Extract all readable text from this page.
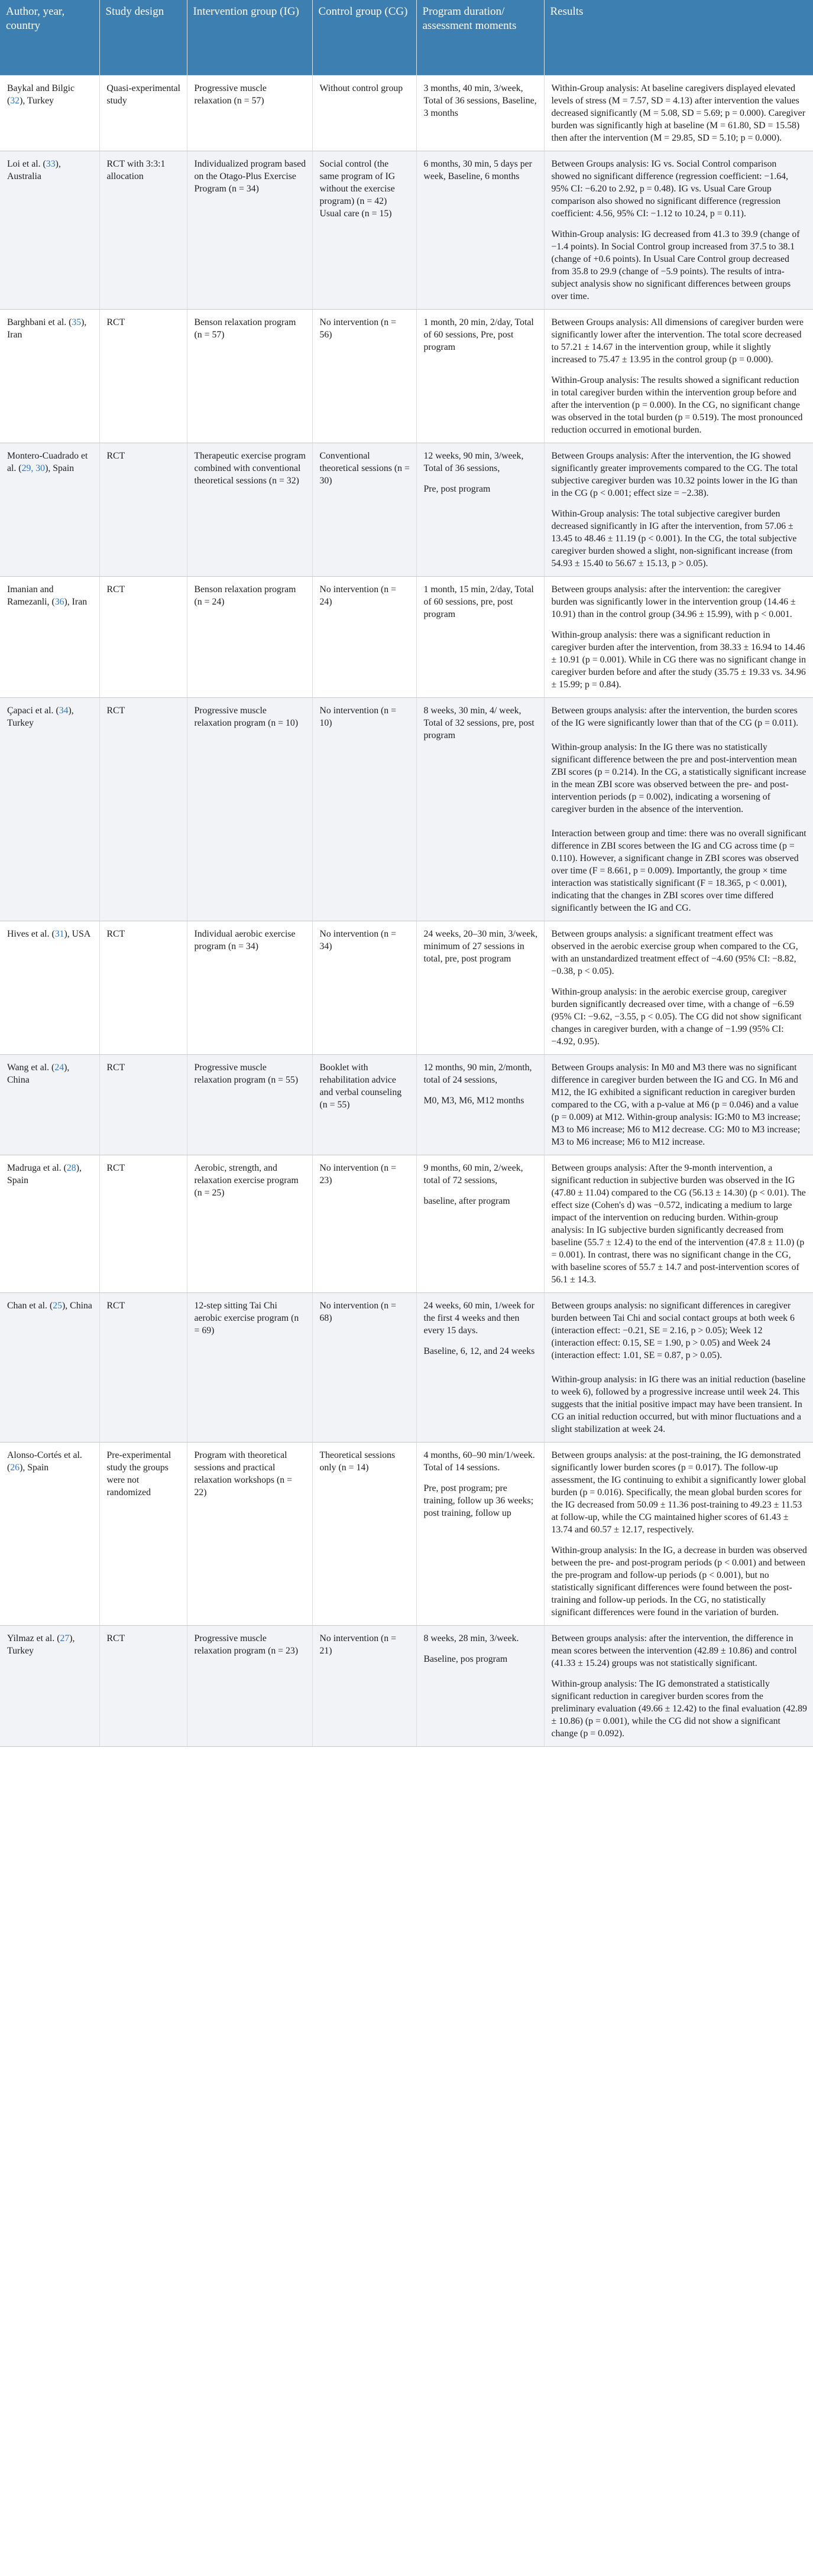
Author, year, country	Study design	Intervention group (IG)	Control group (CG)	Program duration/ assessment moments	Results
Baykal and Bilgic (32), Turkey	Quasi-experimental study	Progressive muscle relaxation (n = 57)	Without control group	3 months, 40 min, 3/week, Total of 36 sessions, Baseline, 3 months	Within-Group analysis: At baseline caregivers displayed elevated levels of stress (M = 7.57, SD = 4.13) after intervention the values decreased significantly (M = 5.08, SD = 5.69; p = 0.000). Caregiver burden was significantly high at baseline (M = 61.80, SD = 15.58) then after the intervention (M = 29.85, SD = 5.10; p = 0.000).

Loi et al. (33), Australia	RCT with 3:3:1 allocation	Individualized program based on the Otago-Plus Exercise Program (n = 34)	Social control (the same program of IG without the exercise program) (n = 42) Usual care (n = 15)	6 months, 30 min, 5 days per week, Baseline, 6 months	Between Groups analysis: IG vs. Social Control comparison showed no significant difference (regression coefficient: −1.64, 95% CI: −6.20 to 2.92, p = 0.48). IG vs. Usual Care Group comparison also showed no significant difference (regression coefficient: 4.56, 95% CI: −1.12 to 10.24, p = 0.11).
Within-Group analysis: IG decreased from 41.3 to 39.9 (change of −1.4 points). In Social Control group increased from 37.5 to 38.1 (change of +0.6 points). In Usual Care Control group decreased from 35.8 to 29.9 (change of −5.9 points). The results of intra-subject analysis show no significant differences between groups over time.

Barghbani et al. (35), Iran	RCT	Benson relaxation program (n = 57)	No intervention (n = 56)	1 month, 20 min, 2/day, Total of 60 sessions, Pre, post program	Between Groups analysis: All dimensions of caregiver burden were significantly lower after the intervention. The total score decreased to 57.21 ± 14.67 in the intervention group, while it slightly increased to 75.47 ± 13.95 in the control group (p = 0.000).
Within-Group analysis: The results showed a significant reduction in total caregiver burden within the intervention group before and after the intervention (p = 0.000). In the CG, no significant change was observed in the total burden (p = 0.519). The most pronounced reduction occurred in emotional burden.

Montero-Cuadrado et al. (29, 30), Spain	RCT	Therapeutic exercise program combined with conventional theoretical sessions (n = 32)	Conventional theoretical sessions (n = 30)	12 weeks, 90 min, 3/week, Total of 36 sessions,
Pre, post program	Between Groups analysis: After the intervention, the IG showed significantly greater improvements compared to the CG. The total subjective caregiver burden was 10.32 points lower in the IG than in the CG (p < 0.001; effect size = −2.38).
Within-Group analysis: The total subjective caregiver burden decreased significantly in IG after the intervention, from 57.06 ± 13.45 to 48.46 ± 11.19 (p < 0.001). In the CG, the total subjective caregiver burden showed a slight, non-significant increase (from 54.93 ± 15.40 to 56.67 ± 15.13, p > 0.05).

Imanian and Ramezanli, (36), Iran	RCT	Benson relaxation program (n = 24)	No intervention (n = 24)	1 month, 15 min, 2/day, Total of 60 sessions, pre, post program	Between groups analysis: after the intervention: the caregiver burden was significantly lower in the intervention group (14.46 ± 10.91) than in the control group (34.96 ± 15.99), with p < 0.001.
Within-group analysis: there was a significant reduction in caregiver burden after the intervention, from 38.33 ± 16.94 to 14.46 ± 10.91 (p = 0.001). While in CG there was no significant change in caregiver burden before and after the study (35.75 ± 19.33 vs. 34.96 ± 15.99; p = 0.84).

Çapaci et al. (34), Turkey	RCT	Progressive muscle relaxation program (n = 10)	No intervention (n = 10)	8 weeks, 30 min, 4/ week, Total of 32 sessions, pre, post program	Between groups analysis: after the intervention, the burden scores of the IG were significantly lower than that of the CG (p = 0.011).
Within-group analysis: In the IG there was no statistically significant difference between the pre and post-intervention mean ZBI scores (p = 0.214). In the CG, a statistically significant increase in the mean ZBI score was observed between the pre- and post-intervention periods (p = 0.002), indicating a worsening of caregiver burden in the absence of the intervention.
Interaction between group and time: there was no overall significant difference in ZBI scores between the IG and CG across time (p = 0.110). However, a significant change in ZBI scores was observed over time (F = 8.661, p = 0.009). Importantly, the group × time interaction was statistically significant (F = 18.365, p < 0.001), indicating that the changes in ZBI scores over time differed significantly between the IG and CG.

Hives et al. (31), USA	RCT	Individual aerobic exercise program (n = 34)	No intervention (n = 34)	24 weeks, 20–30 min, 3/week, minimum of 27 sessions in total, pre, post program	Between groups analysis: a significant treatment effect was observed in the aerobic exercise group when compared to the CG, with an unstandardized treatment effect of −4.60 (95% CI: −8.82, −0.38, p < 0.05).
Within-group analysis: in the aerobic exercise group, caregiver burden significantly decreased over time, with a change of −6.59 (95% CI: −9.62, −3.55, p < 0.05). The CG did not show significant changes in caregiver burden, with a change of −1.99 (95% CI: −4.92, 0.95).

Wang et al. (24), China	RCT	Progressive muscle relaxation program (n = 55)	Booklet with rehabilitation advice and verbal counseling (n = 55)	12 months, 90 min, 2/month, total of 24 sessions,
M0, M3, M6, M12 months	Between Groups analysis: In M0 and M3 there was no significant difference in caregiver burden between the IG and CG. In M6 and M12, the IG exhibited a significant reduction in caregiver burden compared to the CG, with a p-value at M6 (p = 0.046) and a value (p = 0.009) at M12. Within-group analysis: IG:M0 to M3 increase; M3 to M6 increase; M6 to M12 decrease. CG: M0 to M3 increase; M3 to M6 increase; M6 to M12 increase.

Madruga et al. (28), Spain	RCT	Aerobic, strength, and relaxation exercise program (n = 25)	No intervention (n = 23)	9 months, 60 min, 2/week, total of 72 sessions,
baseline, after program	Between groups analysis: After the 9-month intervention, a significant reduction in subjective burden was observed in the IG (47.80 ± 11.04) compared to the CG (56.13 ± 14.30) (p < 0.01). The effect size (Cohen's d) was −0.572, indicating a medium to large impact of the intervention on reducing burden. Within-group analysis: In IG subjective burden significantly decreased from baseline (55.7 ± 12.4) to the end of the intervention (47.8 ± 11.0) (p = 0.001). In contrast, there was no significant change in the CG, with baseline scores of 55.7 ± 14.7 and post-intervention scores of 56.1 ± 14.3.

Chan et al. (25), China	RCT	12-step sitting Tai Chi aerobic exercise program (n = 69)	No intervention (n = 68)	24 weeks, 60 min, 1/week for the first 4 weeks and then every 15 days.
Baseline, 6, 12, and 24 weeks	Between groups analysis: no significant differences in caregiver burden between Tai Chi and social contact groups at both week 6 (interaction effect: −0.21, SE = 2.16, p > 0.05); Week 12 (interaction effect: 0.15, SE = 1.90, p > 0.05) and Week 24 (interaction effect: 1.01, SE = 0.87, p > 0.05).
Within-group analysis: in IG there was an initial reduction (baseline to week 6), followed by a progressive increase until week 24. This suggests that the initial positive impact may have been transient. In CG an initial reduction occurred, but with minor fluctuations and a slight stabilization at week 24.

Alonso-Cortés et al. (26), Spain	Pre-experimental study the groups were not randomized	Program with theoretical sessions and practical relaxation workshops (n = 22)	Theoretical sessions only (n = 14)	4 months, 60–90 min/1/week. Total of 14 sessions.
Pre, post program; pre training, follow up 36 weeks; post training, follow up	Between groups analysis: at the post-training, the IG demonstrated significantly lower burden scores (p = 0.017). The follow-up assessment, the IG continuing to exhibit a significantly lower global burden (p = 0.016). Specifically, the mean global burden scores for the IG decreased from 50.09 ± 11.36 post-training to 49.23 ± 11.53 at follow-up, while the CG maintained higher scores of 61.43 ± 13.74 and 60.57 ± 12.17, respectively.
Within-group analysis: In the IG, a decrease in burden was observed between the pre- and post-program periods (p < 0.001) and between the pre-program and follow-up periods (p < 0.001), but no statistically significant differences were found between the post-training and follow-up periods. In the CG, no statistically significant differences were found in the variation of burden.

Yilmaz et al. (27), Turkey	RCT	Progressive muscle relaxation program (n = 23)	No intervention (n = 21)	8 weeks, 28 min, 3/week.
Baseline, pos program	Between groups analysis: after the intervention, the difference in mean scores between the intervention (42.89 ± 10.86) and control (41.33 ± 15.24) groups was not statistically significant.
Within-group analysis: The IG demonstrated a statistically significant reduction in caregiver burden scores from the preliminary evaluation (49.66 ± 12.42) to the final evaluation (42.89 ± 10.86) (p = 0.001), while the CG did not show a significant change (p = 0.092).
